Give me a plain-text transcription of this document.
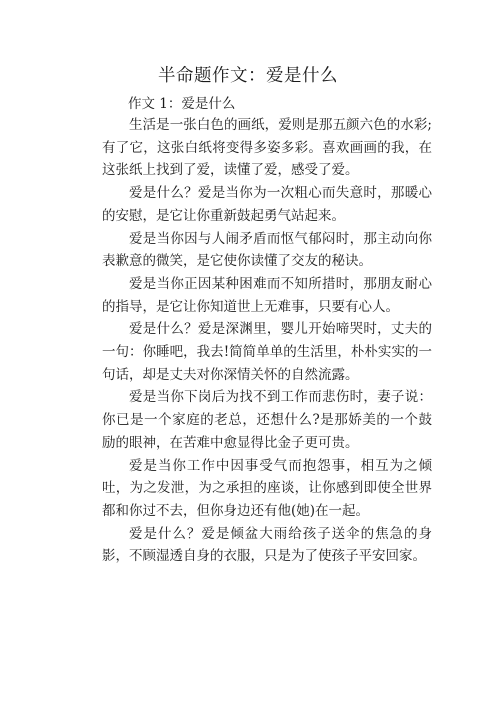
半命题作文：爱是什么
作文 1：爱是什么

生活是一张白色的画纸，爱则是那五颜六色的水彩;有了它，这张白纸将变得多姿多彩。喜欢画画的我，在这张纸上找到了爱，读懂了爱，感受了爱。

爱是什么？爱是当你为一次粗心而失意时，那暖心的安慰，是它让你重新鼓起勇气站起来。

爱是当你因与人闹矛盾而怄气郁闷时，那主动向你表歉意的微笑，是它使你读懂了交友的秘诀。

爱是当你正因某种困难而不知所措时，那朋友耐心的指导，是它让你知道世上无难事，只要有心人。

爱是什么？爱是深渊里，婴儿开始啼哭时，丈夫的一句：你睡吧，我去!简简单单的生活里，朴朴实实的一句话，却是丈夫对你深情关怀的自然流露。

爱是当你下岗后为找不到工作而悲伤时，妻子说：你已是一个家庭的老总，还想什么?是那娇美的一个鼓励的眼神，在苦难中愈显得比金子更可贵。

爱是当你工作中因事受气而抱怨事，相互为之倾吐，为之发泄，为之承担的座谈，让你感到即使全世界都和你过不去，但你身边还有他(她)在一起。

爱是什么？爱是倾盆大雨给孩子送伞的焦急的身影，不顾湿透自身的衣服，只是为了使孩子平安回家。
